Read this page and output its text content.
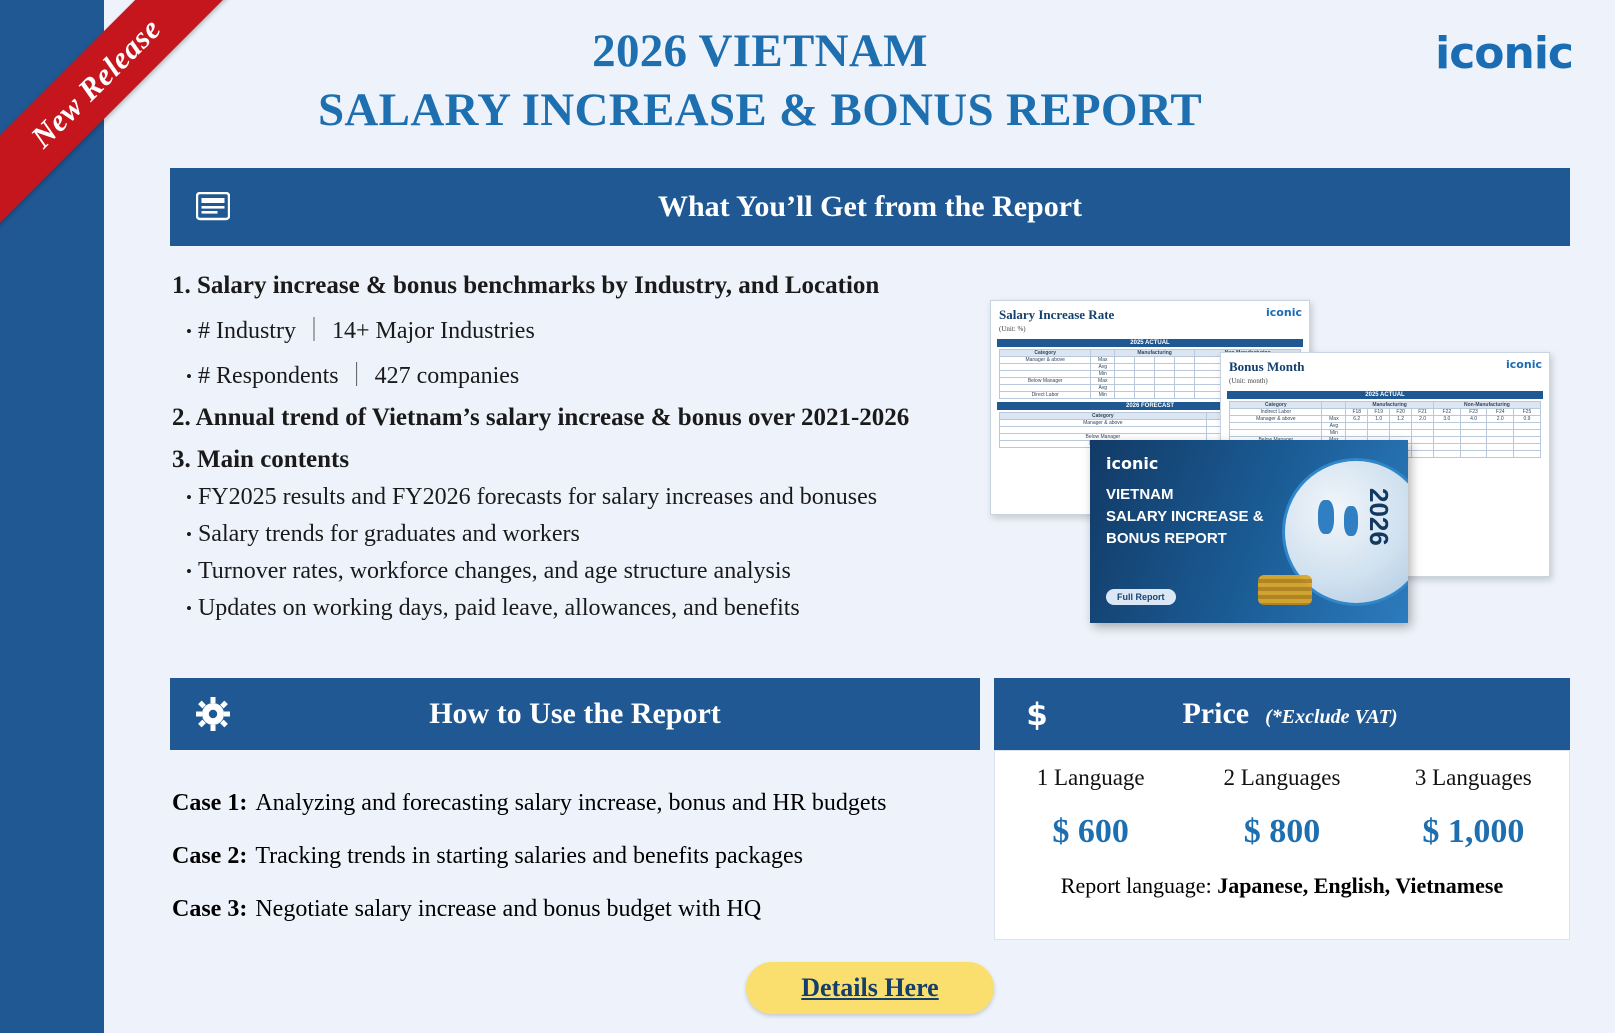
New Release	2026 VIETNAM
SALARY INCREASE & BONUS REPORT
iconic
What You’ll Get from the Report
1. Salary increase & bonus benchmarks by Industry, and Location
• # Industry ｜ 14+ Major Industries
• # Respondents ｜ 427 companies
2. Annual trend of Vietnam’s salary increase & bonus over 2021-2026
3. Main contents
• FY2025 results and FY2026 forecasts for salary increases and bonuses
• Salary trends for graduates and workers
• Turnover rates, workforce changes, and age structure analysis
• Updates on working days, paid leave, allowances, and benefits
iconic
Salary Increase Rate
(Unit: %)
2025 ACTUAL
Category		Manufacturing	
Manager & above	Max								
	Avg								
	Min								
Below Manager	Max								
	Avg								
Direct Labor	Min								
2026 FORECAST
Category									
Manager & above									

Below Manager									

iconic
Bonus Month
(Unit: month)
2025 ACTUAL
Category		Manufacturing				Non-Manufacturing			
Indirect Labor		F18	F19	F20	F21	F22	F23	F24	F25
Manager & above	Max	6.2	1.0	1.2	2.0	3.0	4.0	2.0	0.9
	Avg								
	Min								

2026
iconic
VIETNAM
SALARY INCREASE &
BONUS REPORT
Full Report
How to Use the Report
Case 1: Analyzing and forecasting salary increase, bonus and HR budgets
Case 2: Tracking trends in starting salaries and benefits packages
Case 3: Negotiate salary increase and bonus budget with HQ
$	Price (*Exclude VAT)
1 Language
$ 600
2 Languages
$ 800
3 Languages
$ 1,000
Report language: Japanese, English, Vietnamese
Details Here
